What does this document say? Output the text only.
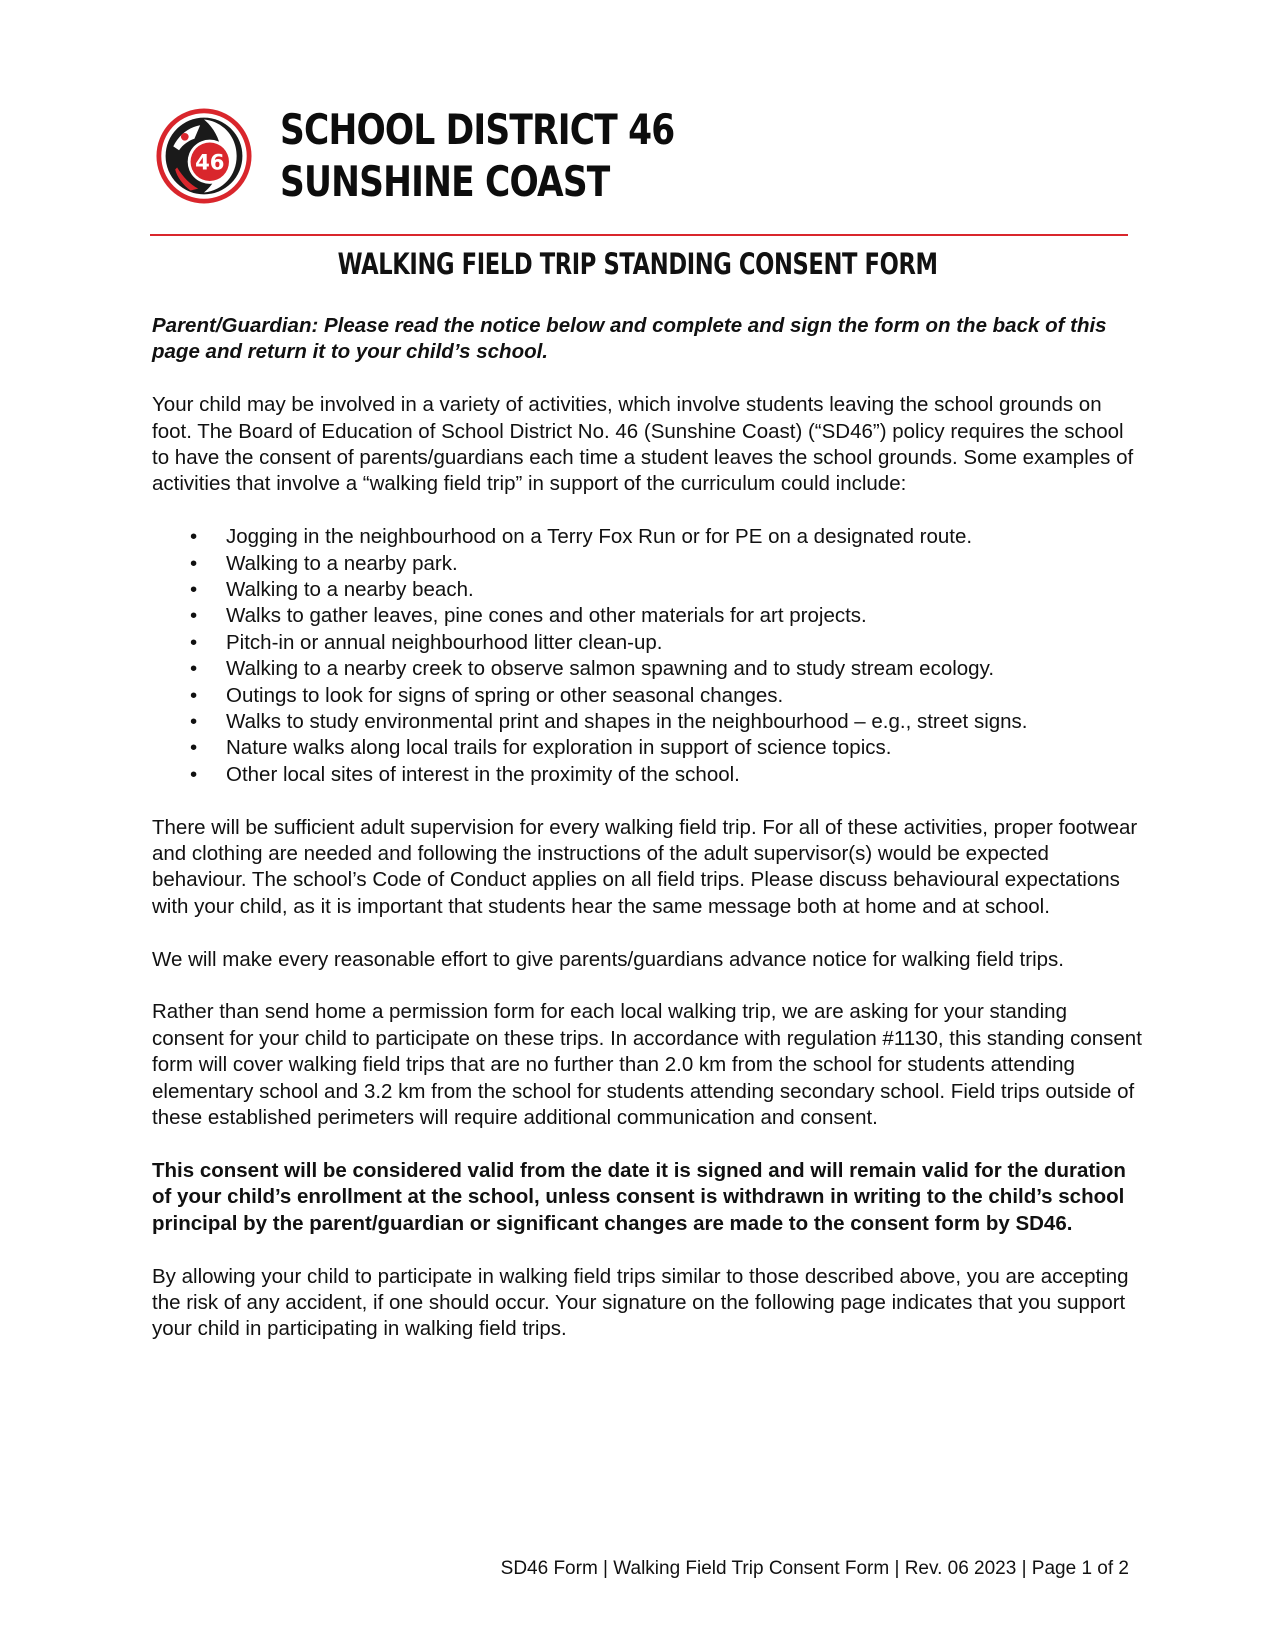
46
SCHOOL DISTRICT 46
SUNSHINE COAST
WALKING FIELD TRIP STANDING CONSENT FORM

Parent/Guardian: Please read the notice below and complete and sign the form on the back of this page and return it to your child’s school.

Your child may be involved in a variety of activities, which involve students leaving the school grounds on foot. The Board of Education of School District No. 46 (Sunshine Coast) (“SD46”) policy requires the school to have the consent of parents/guardians each time a student leaves the school grounds. Some examples of activities that involve a “walking field trip” in support of the curriculum could include:

• Jogging in the neighbourhood on a Terry Fox Run or for PE on a designated route.
• Walking to a nearby park.
• Walking to a nearby beach.
• Walks to gather leaves, pine cones and other materials for art projects.
• Pitch-in or annual neighbourhood litter clean-up.
• Walking to a nearby creek to observe salmon spawning and to study stream ecology.
• Outings to look for signs of spring or other seasonal changes.
• Walks to study environmental print and shapes in the neighbourhood – e.g., street signs.
• Nature walks along local trails for exploration in support of science topics.
• Other local sites of interest in the proximity of the school.

There will be sufficient adult supervision for every walking field trip. For all of these activities, proper footwear and clothing are needed and following the instructions of the adult supervisor(s) would be expected behaviour. The school’s Code of Conduct applies on all field trips. Please discuss behavioural expectations with your child, as it is important that students hear the same message both at home and at school.

We will make every reasonable effort to give parents/guardians advance notice for walking field trips.

Rather than send home a permission form for each local walking trip, we are asking for your standing consent for your child to participate on these trips. In accordance with regulation #1130, this standing consent form will cover walking field trips that are no further than 2.0 km from the school for students attending elementary school and 3.2 km from the school for students attending secondary school. Field trips outside of these established perimeters will require additional communication and consent.

This consent will be considered valid from the date it is signed and will remain valid for the duration of your child’s enrollment at the school, unless consent is withdrawn in writing to the child’s school principal by the parent/guardian or significant changes are made to the consent form by SD46.

By allowing your child to participate in walking field trips similar to those described above, you are accepting the risk of any accident, if one should occur. Your signature on the following page indicates that you support your child in participating in walking field trips.

SD46 Form | Walking Field Trip Consent Form | Rev. 06 2023 | Page 1 of 2
